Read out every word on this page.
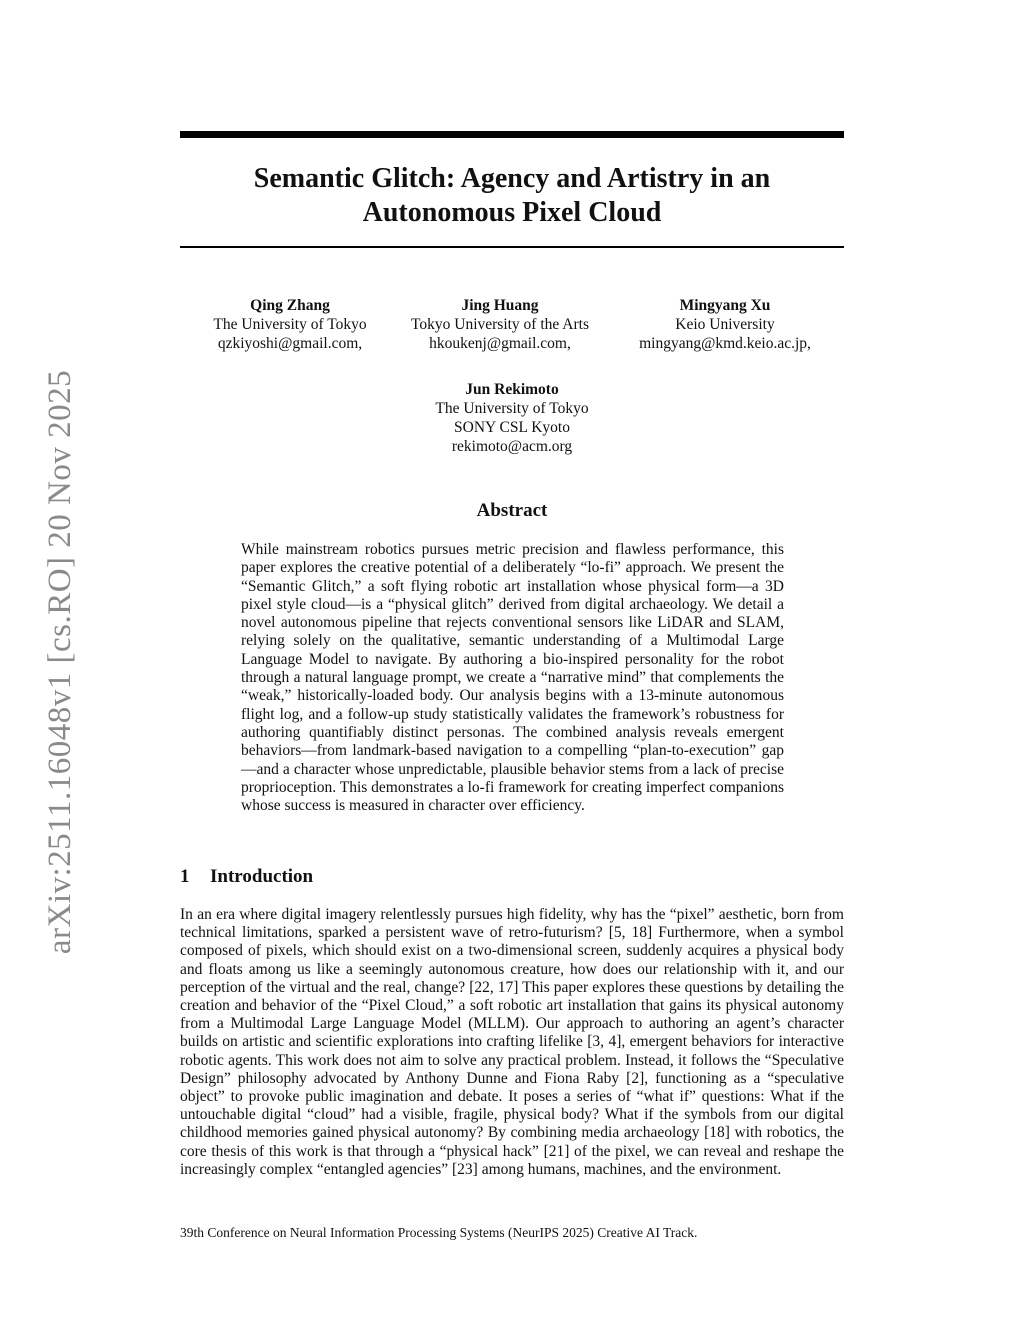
arXiv:2511.16048v1 [cs.RO] 20 Nov 2025
Semantic Glitch: Agency and Artistry in an Autonomous Pixel Cloud
Qing Zhang
The University of Tokyo
qzkiyoshi@gmail.com,
Jing Huang
Tokyo University of the Arts
hkoukenj@gmail.com,
Mingyang Xu
Keio University
mingyang@kmd.keio.ac.jp,
Jun Rekimoto
The University of Tokyo
SONY CSL Kyoto
rekimoto@acm.org
Abstract

While mainstream robotics pursues metric precision and flawless performance, this paper explores the creative potential of a deliberately “lo-fi” approach. We present the “Semantic Glitch,” a soft flying robotic art installation whose physical form—a 3D pixel style cloud—is a “physical glitch” derived from digital archaeology. We detail a novel autonomous pipeline that rejects conventional sensors like LiDAR and SLAM, relying solely on the qualitative, semantic understanding of a Multimodal Large Language Model to navigate. By authoring a bio-inspired personality for the robot through a natural language prompt, we create a “narrative mind” that complements the “weak,” historically-loaded body. Our analysis begins with a 13-minute autonomous flight log, and a follow-up study statistically validates the framework’s robustness for authoring quantifiably distinct personas. The combined analysis reveals emergent behaviors—from landmark-based navigation to a compelling “plan-to-execution” gap—and a character whose unpredictable, plausible behavior stems from a lack of precise proprioception. This demonstrates a lo-fi framework for creating imperfect companions whose success is measured in character over efficiency.

1 Introduction

In an era where digital imagery relentlessly pursues high fidelity, why has the “pixel” aesthetic, born from technical limitations, sparked a persistent wave of retro-futurism? [5, 18] Furthermore, when a symbol composed of pixels, which should exist on a two-dimensional screen, suddenly acquires a physical body and floats among us like a seemingly autonomous creature, how does our relationship with it, and our perception of the virtual and the real, change? [22, 17] This paper explores these questions by detailing the creation and behavior of the “Pixel Cloud,” a soft robotic art installation that gains its physical autonomy from a Multimodal Large Language Model (MLLM). Our approach to authoring an agent’s character builds on artistic and scientific explorations into crafting lifelike [3, 4], emergent behaviors for interactive robotic agents. This work does not aim to solve any practical problem. Instead, it follows the “Speculative Design” philosophy advocated by Anthony Dunne and Fiona Raby [2], functioning as a “speculative object” to provoke public imagination and debate. It poses a series of “what if” questions: What if the untouchable digital “cloud” had a visible, fragile, physical body? What if the symbols from our digital childhood memories gained physical autonomy? By combining media archaeology [18] with robotics, the core thesis of this work is that through a “physical hack” [21] of the pixel, we can reveal and reshape the increasingly complex “entangled agencies” [23] among humans, machines, and the environment.

39th Conference on Neural Information Processing Systems (NeurIPS 2025) Creative AI Track.
